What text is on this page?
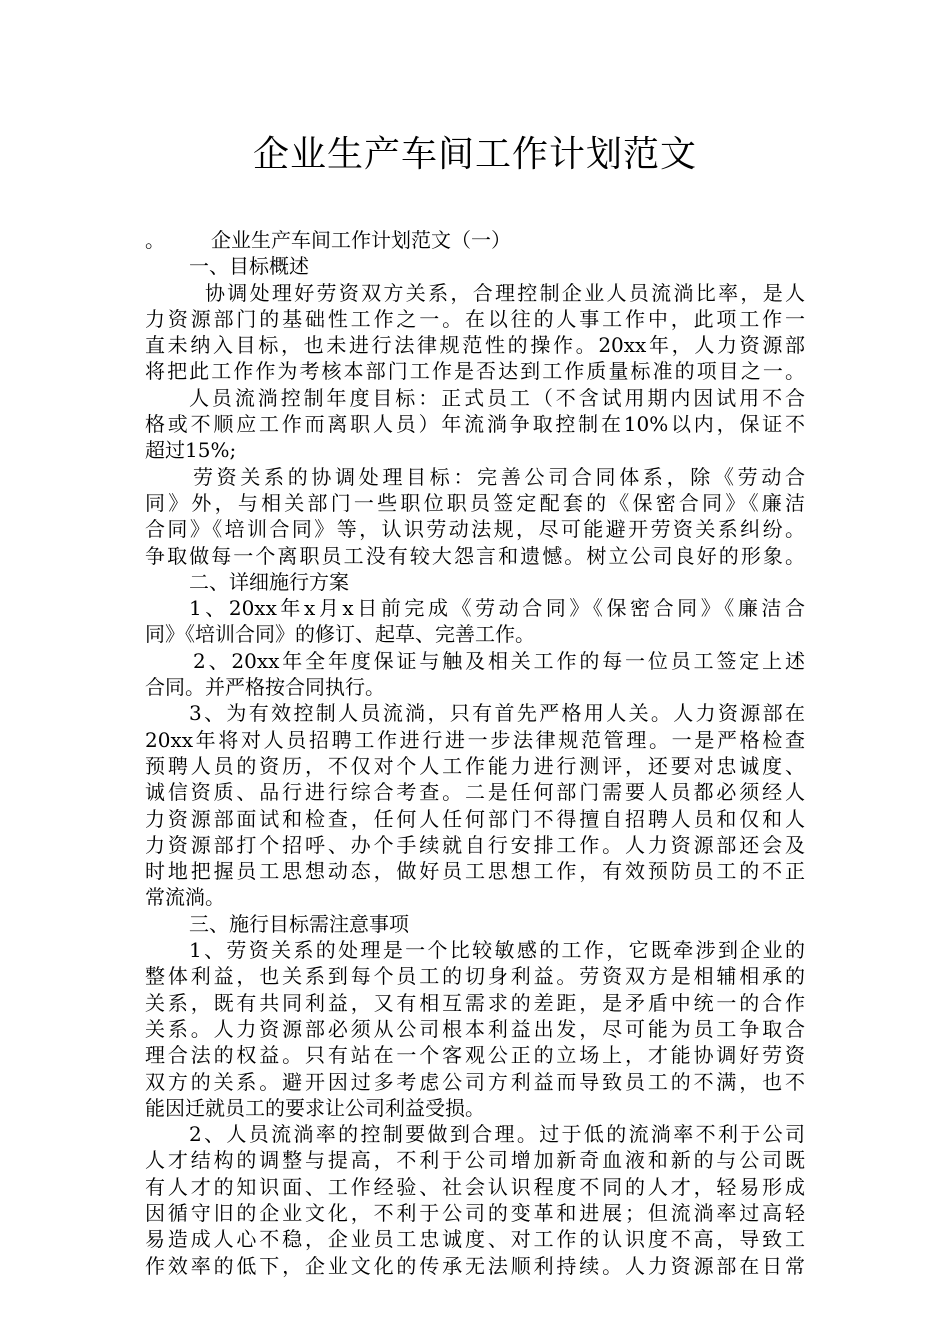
企业生产车间工作计划范文
。 企业生产车间工作计划范文（一）
一、目标概述
协调处理好劳资双方关系，合理控制企业人员流淌比率，是人
力资源部门的基础性工作之一。在以往的人事工作中，此项工作一
直未纳入目标，也未进行法律规范性的操作。20xx年，人力资源部
将把此工作作为考核本部门工作是否达到工作质量标准的项目之一。
人员流淌控制年度目标：正式员工（不含试用期内因试用不合
格或不顺应工作而离职人员）年流淌争取控制在10%以内，保证不
超过15%;
劳资关系的协调处理目标：完善公司合同体系，除《劳动合
同》外，与相关部门一些职位职员签定配套的《保密合同》《廉洁
合同》《培训合同》等，认识劳动法规，尽可能避开劳资关系纠纷。
争取做每一个离职员工没有较大怨言和遗憾。树立公司良好的形象。
二、详细施行方案
1、20xx年x月x日前完成《劳动合同》《保密合同》《廉洁合
同》《培训合同》的修订、起草、完善工作。
2、20xx年全年度保证与触及相关工作的每一位员工签定上述
合同。并严格按合同执行。
3、为有效控制人员流淌，只有首先严格用人关。人力资源部在
20xx年将对人员招聘工作进行进一步法律规范管理。一是严格检查
预聘人员的资历，不仅对个人工作能力进行测评，还要对忠诚度、
诚信资质、品行进行综合考查。二是任何部门需要人员都必须经人
力资源部面试和检查，任何人任何部门不得擅自招聘人员和仅和人
力资源部打个招呼、办个手续就自行安排工作。人力资源部还会及
时地把握员工思想动态，做好员工思想工作，有效预防员工的不正
常流淌。
三、施行目标需注意事项
1、劳资关系的处理是一个比较敏感的工作，它既牵涉到企业的
整体利益，也关系到每个员工的切身利益。劳资双方是相辅相承的
关系，既有共同利益，又有相互需求的差距，是矛盾中统一的合作
关系。人力资源部必须从公司根本利益出发，尽可能为员工争取合
理合法的权益。只有站在一个客观公正的立场上，才能协调好劳资
双方的关系。避开因过多考虑公司方利益而导致员工的不满，也不
能因迁就员工的要求让公司利益受损。
2、人员流淌率的控制要做到合理。过于低的流淌率不利于公司
人才结构的调整与提高，不利于公司增加新奇血液和新的与公司既
有人才的知识面、工作经验、社会认识程度不同的人才，轻易形成
因循守旧的企业文化，不利于公司的变革和进展；但流淌率过高轻
易造成人心不稳，企业员工忠诚度、对工作的认识度不高，导致工
作效率的低下，企业文化的传承无法顺利持续。人力资源部在日常
